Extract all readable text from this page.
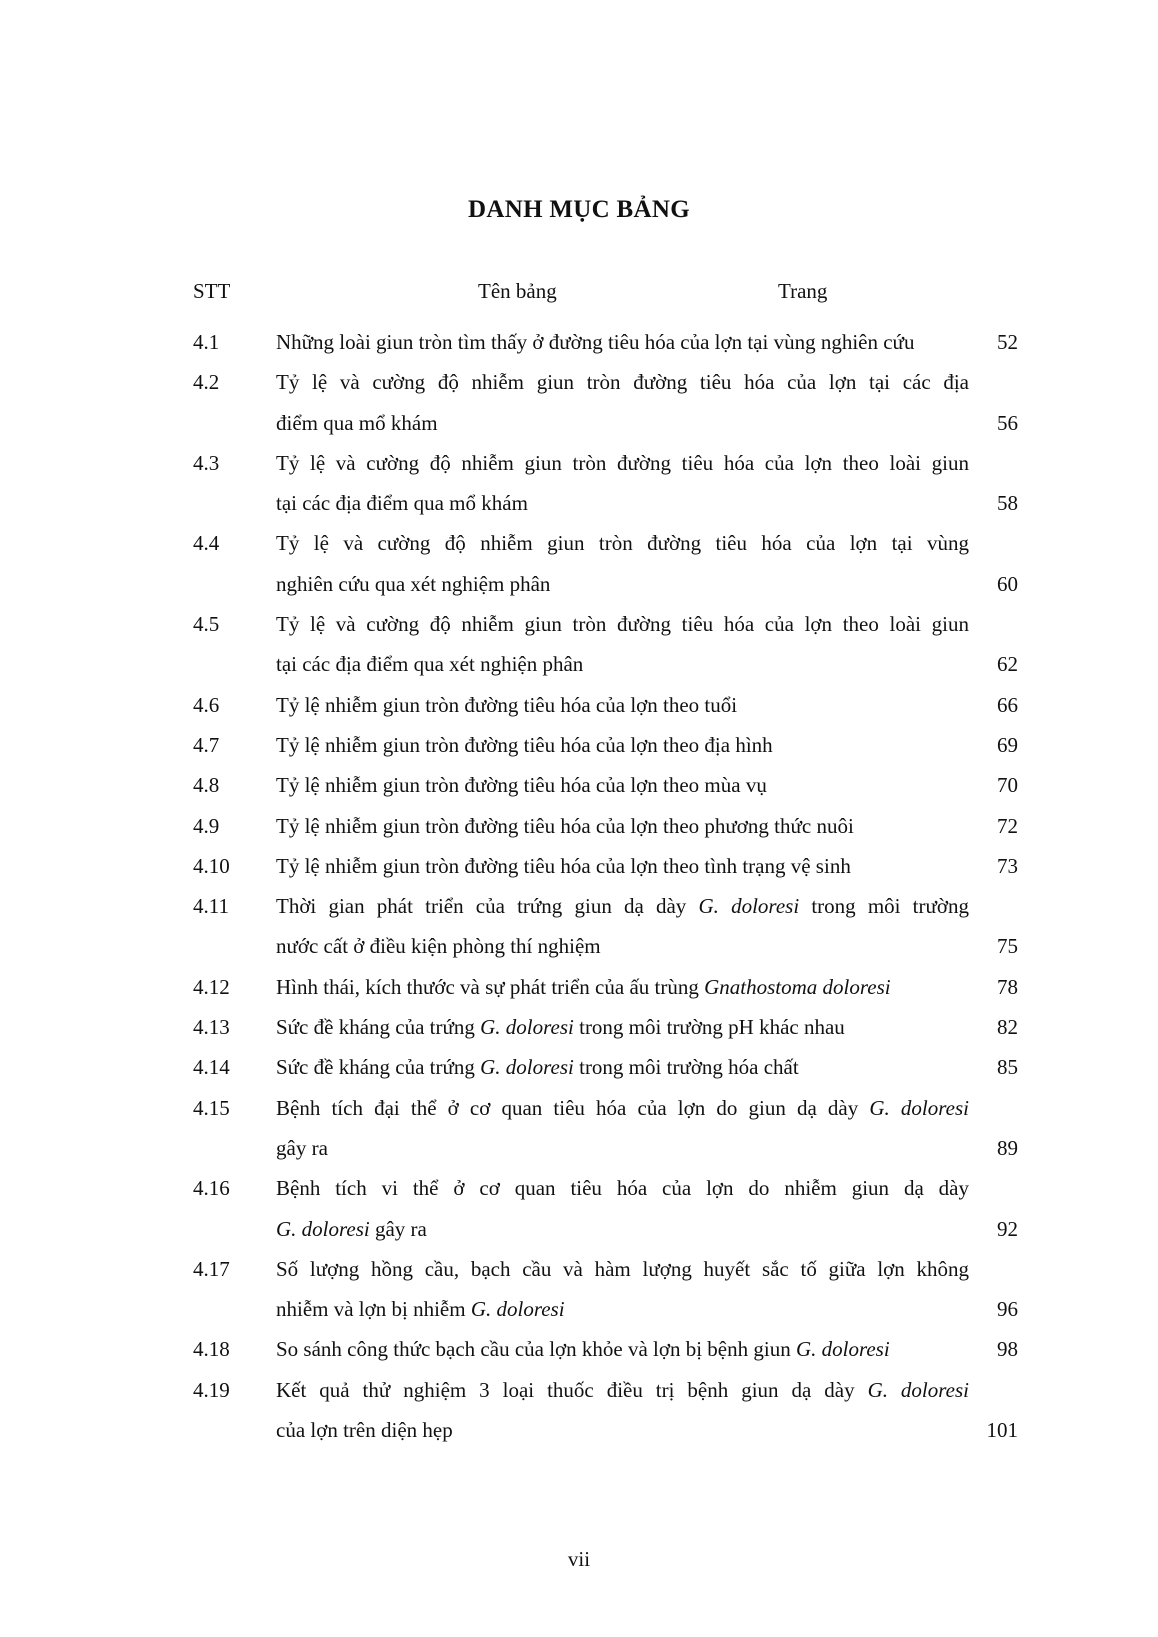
DANH MỤC BẢNG
STT	Tên bảng	Trang
4.1	Những loài giun tròn tìm thấy ở đường tiêu hóa của lợn tại vùng nghiên cứu	52
4.2	Tỷ lệ và cường độ nhiễm giun tròn đường tiêu hóa của lợn tại các địa
điểm qua mổ khám	56
4.3	Tỷ lệ và cường độ nhiễm giun tròn đường tiêu hóa của lợn theo loài giun
tại các địa điểm qua mổ khám	58
4.4	Tỷ lệ và cường độ nhiễm giun tròn đường tiêu hóa của lợn tại vùng
nghiên cứu qua xét nghiệm phân	60
4.5	Tỷ lệ và cường độ nhiễm giun tròn đường tiêu hóa của lợn theo loài giun
tại các địa điểm qua xét nghiện phân	62
4.6	Tỷ lệ nhiễm giun tròn đường tiêu hóa của lợn theo tuổi	66
4.7	Tỷ lệ nhiễm giun tròn đường tiêu hóa của lợn theo địa hình	69
4.8	Tỷ lệ nhiễm giun tròn đường tiêu hóa của lợn theo mùa vụ	70
4.9	Tỷ lệ nhiễm giun tròn đường tiêu hóa của lợn theo phương thức nuôi	72
4.10 Tỷ lệ nhiễm giun tròn đường tiêu hóa của lợn theo tình trạng vệ sinh	73
4.11 Thời gian phát triển của trứng giun dạ dày G. doloresi trong môi trường
nước cất ở điều kiện phòng thí nghiệm	75
4.12 Hình thái, kích thước và sự phát triển của ấu trùng Gnathostoma doloresi	78
4.13 Sức đề kháng của trứng G. doloresi trong môi trường pH khác nhau	82
4.14 Sức đề kháng của trứng G. doloresi trong môi trường hóa chất	85
4.15 Bệnh tích đại thể ở cơ quan tiêu hóa của lợn do giun dạ dày G. doloresi
gây ra	89
4.16 Bệnh tích vi thể ở cơ quan tiêu hóa của lợn do nhiễm giun dạ dày
G. doloresi gây ra	92
4.17 Số lượng hồng cầu, bạch cầu và hàm lượng huyết sắc tố giữa lợn không
nhiễm và lợn bị nhiễm G. doloresi	96
4.18 So sánh công thức bạch cầu của lợn khỏe và lợn bị bệnh giun G. doloresi	98
4.19 Kết quả thử nghiệm 3 loại thuốc điều trị bệnh giun dạ dày G. doloresi
của lợn trên diện hẹp	101
vii
